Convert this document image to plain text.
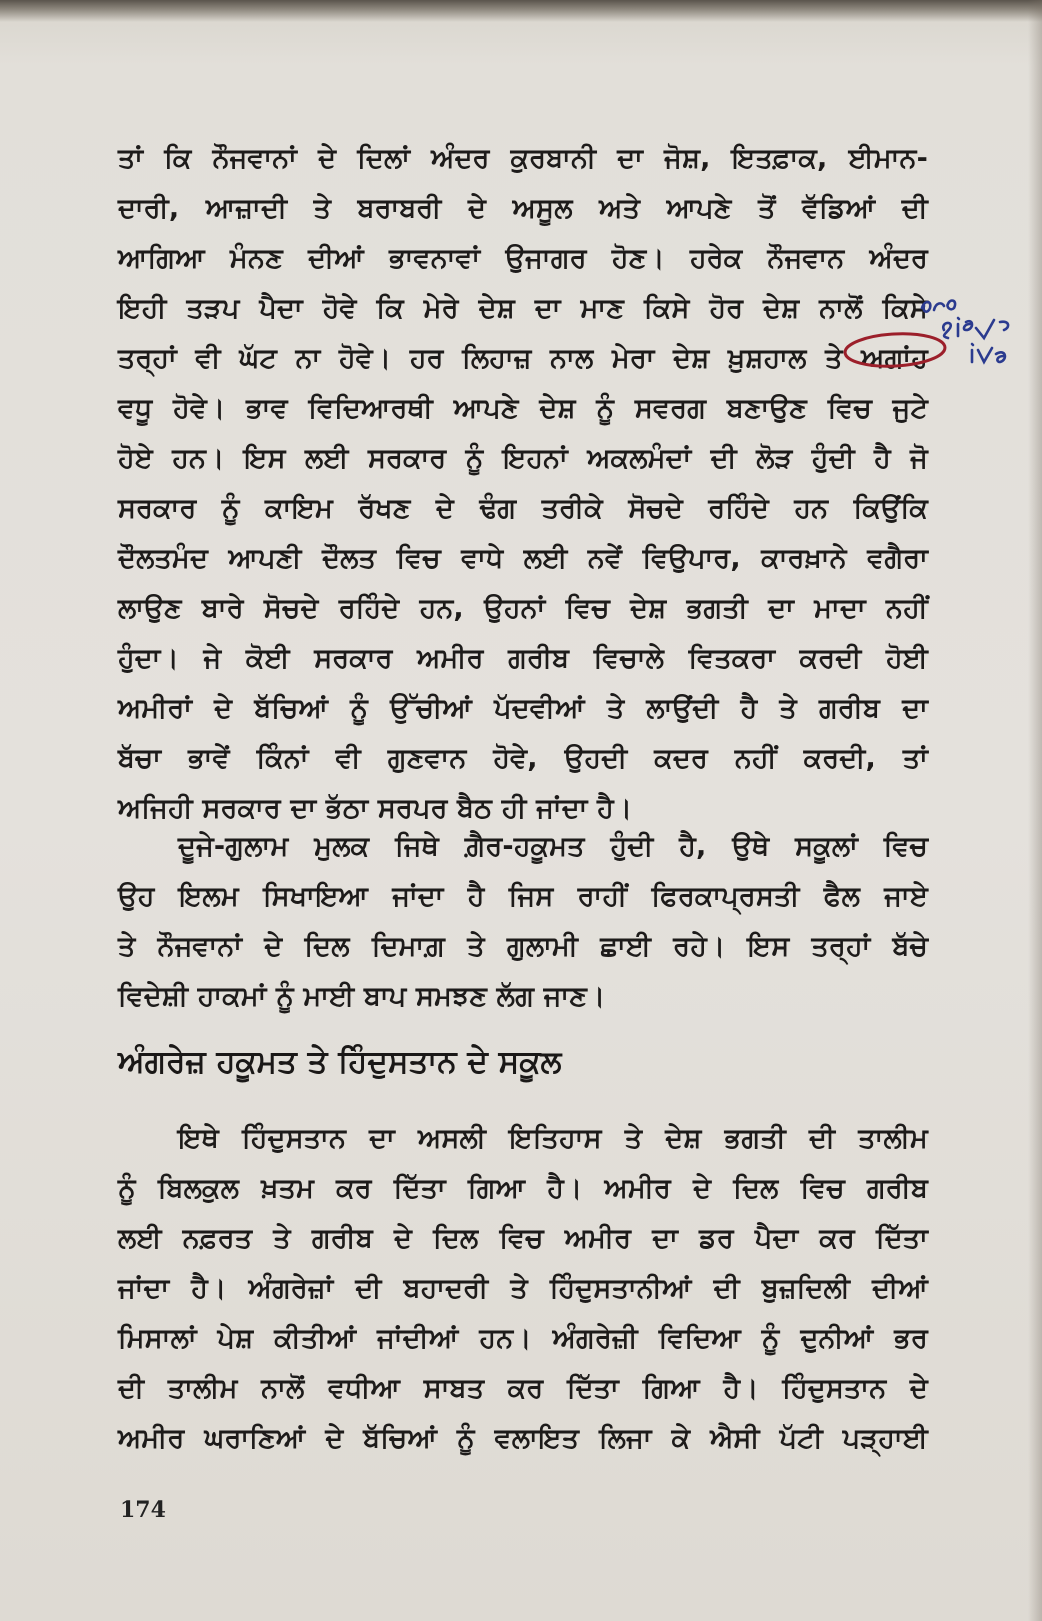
ਤਾਂ ਕਿ ਨੌਜਵਾਨਾਂ ਦੇ ਦਿਲਾਂ ਅੰਦਰ ਕੁਰਬਾਨੀ ਦਾ ਜੋਸ਼, ਇਤਫ਼ਾਕ, ਈਮਾਨ-
ਦਾਰੀ, ਆਜ਼ਾਦੀ ਤੇ ਬਰਾਬਰੀ ਦੇ ਅਸੂਲ ਅਤੇ ਆਪਣੇ ਤੋਂ ਵੱਡਿਆਂ ਦੀ
ਆਗਿਆ ਮੰਨਣ ਦੀਆਂ ਭਾਵਨਾਵਾਂ ਉਜਾਗਰ ਹੋਣ। ਹਰੇਕ ਨੌਜਵਾਨ ਅੰਦਰ
ਇਹੀ ਤੜਪ ਪੈਦਾ ਹੋਵੇ ਕਿ ਮੇਰੇ ਦੇਸ਼ ਦਾ ਮਾਣ ਕਿਸੇ ਹੋਰ ਦੇਸ਼ ਨਾਲੋਂ ਕਿਸੇ
ਤਰ੍ਹਾਂ ਵੀ ਘੱਟ ਨਾ ਹੋਵੇ। ਹਰ ਲਿਹਾਜ਼ ਨਾਲ ਮੇਰਾ ਦੇਸ਼ ਖ਼ੁਸ਼ਹਾਲ ਤੇ ਅਗਾਂਹ
ਵਧੂ ਹੋਵੇ। ਭਾਵ ਵਿਦਿਆਰਥੀ ਆਪਣੇ ਦੇਸ਼ ਨੂੰ ਸਵਰਗ ਬਣਾਉਣ ਵਿਚ ਜੁਟੇ
ਹੋਏ ਹਨ। ਇਸ ਲਈ ਸਰਕਾਰ ਨੂੰ ਇਹਨਾਂ ਅਕਲਮੰਦਾਂ ਦੀ ਲੋੜ ਹੁੰਦੀ ਹੈ ਜੋ
ਸਰਕਾਰ ਨੂੰ ਕਾਇਮ ਰੱਖਣ ਦੇ ਢੰਗ ਤਰੀਕੇ ਸੋਚਦੇ ਰਹਿੰਦੇ ਹਨ ਕਿਉਂਕਿ
ਦੌਲਤਮੰਦ ਆਪਣੀ ਦੌਲਤ ਵਿਚ ਵਾਧੇ ਲਈ ਨਵੇਂ ਵਿਉਪਾਰ, ਕਾਰਖ਼ਾਨੇ ਵਗੈਰਾ
ਲਾਉਣ ਬਾਰੇ ਸੋਚਦੇ ਰਹਿੰਦੇ ਹਨ, ਉਹਨਾਂ ਵਿਚ ਦੇਸ਼ ਭਗਤੀ ਦਾ ਮਾਦਾ ਨਹੀਂ
ਹੁੰਦਾ। ਜੇ ਕੋਈ ਸਰਕਾਰ ਅਮੀਰ ਗਰੀਬ ਵਿਚਾਲੇ ਵਿਤਕਰਾ ਕਰਦੀ ਹੋਈ
ਅਮੀਰਾਂ ਦੇ ਬੱਚਿਆਂ ਨੂੰ ਉੱਚੀਆਂ ਪੱਦਵੀਆਂ ਤੇ ਲਾਉਂਦੀ ਹੈ ਤੇ ਗਰੀਬ ਦਾ
ਬੱਚਾ ਭਾਵੇਂ ਕਿੰਨਾਂ ਵੀ ਗੁਣਵਾਨ ਹੋਵੇ, ਉਹਦੀ ਕਦਰ ਨਹੀਂ ਕਰਦੀ, ਤਾਂ
ਅਜਿਹੀ ਸਰਕਾਰ ਦਾ ਭੱਠਾ ਸਰਪਰ ਬੈਠ ਹੀ ਜਾਂਦਾ ਹੈ।
ਦੂਜੇ-ਗੁਲਾਮ ਮੁਲਕ ਜਿਥੇ ਗ਼ੈਰ-ਹਕੂਮਤ ਹੁੰਦੀ ਹੈ, ਉਥੇ ਸਕੂਲਾਂ ਵਿਚ
ਉਹ ਇਲਮ ਸਿਖਾਇਆ ਜਾਂਦਾ ਹੈ ਜਿਸ ਰਾਹੀਂ ਫਿਰਕਾਪ੍ਰਸਤੀ ਫੈਲ ਜਾਏ
ਤੇ ਨੌਜਵਾਨਾਂ ਦੇ ਦਿਲ ਦਿਮਾਗ਼ ਤੇ ਗੁਲਾਮੀ ਛਾਈ ਰਹੇ। ਇਸ ਤਰ੍ਹਾਂ ਬੱਚੇ
ਵਿਦੇਸ਼ੀ ਹਾਕਮਾਂ ਨੂੰ ਮਾਈ ਬਾਪ ਸਮਝਣ ਲੱਗ ਜਾਣ।
ਅੰਗਰੇਜ਼ ਹਕੂਮਤ ਤੇ ਹਿੰਦੁਸਤਾਨ ਦੇ ਸਕੂਲ
ਇਥੇ ਹਿੰਦੁਸਤਾਨ ਦਾ ਅਸਲੀ ਇਤਿਹਾਸ ਤੇ ਦੇਸ਼ ਭਗਤੀ ਦੀ ਤਾਲੀਮ
ਨੂੰ ਬਿਲਕੁਲ ਖ਼ਤਮ ਕਰ ਦਿੱਤਾ ਗਿਆ ਹੈ। ਅਮੀਰ ਦੇ ਦਿਲ ਵਿਚ ਗਰੀਬ
ਲਈ ਨਫ਼ਰਤ ਤੇ ਗਰੀਬ ਦੇ ਦਿਲ ਵਿਚ ਅਮੀਰ ਦਾ ਡਰ ਪੈਦਾ ਕਰ ਦਿੱਤਾ
ਜਾਂਦਾ ਹੈ। ਅੰਗਰੇਜ਼ਾਂ ਦੀ ਬਹਾਦਰੀ ਤੇ ਹਿੰਦੁਸਤਾਨੀਆਂ ਦੀ ਬੁਜ਼ਦਿਲੀ ਦੀਆਂ
ਮਿਸਾਲਾਂ ਪੇਸ਼ ਕੀਤੀਆਂ ਜਾਂਦੀਆਂ ਹਨ। ਅੰਗਰੇਜ਼ੀ ਵਿਦਿਆ ਨੂੰ ਦੁਨੀਆਂ ਭਰ
ਦੀ ਤਾਲੀਮ ਨਾਲੋਂ ਵਧੀਆ ਸਾਬਤ ਕਰ ਦਿੱਤਾ ਗਿਆ ਹੈ। ਹਿੰਦੁਸਤਾਨ ਦੇ
ਅਮੀਰ ਘਰਾਣਿਆਂ ਦੇ ਬੱਚਿਆਂ ਨੂੰ ਵਲਾਇਤ ਲਿਜਾ ਕੇ ਐਸੀ ਪੱਟੀ ਪੜ੍ਹਾਈ
174
